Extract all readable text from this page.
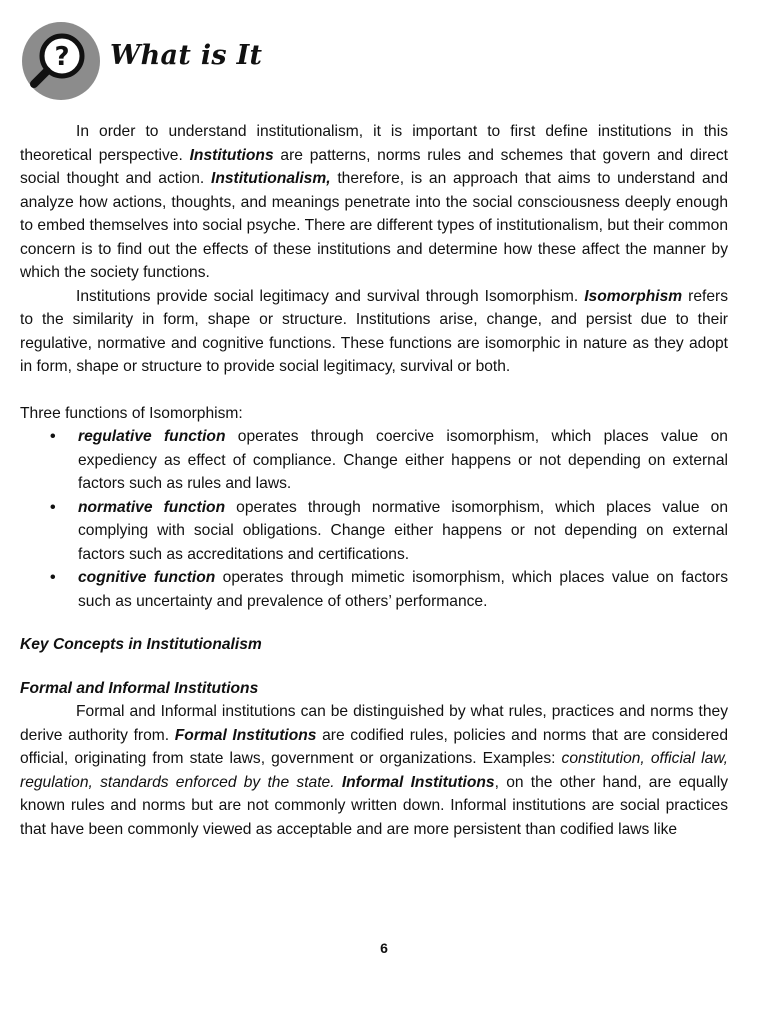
? What is It

In order to understand institutionalism, it is important to first define institutions in this theoretical perspective. Institutions are patterns, norms rules and schemes that govern and direct social thought and action. Institutionalism, therefore, is an approach that aims to understand and analyze how actions, thoughts, and meanings penetrate into the social consciousness deeply enough to embed themselves into social psyche. There are different types of institutionalism, but their common concern is to find out the effects of these institutions and determine how these affect the manner by which the society functions.

Institutions provide social legitimacy and survival through Isomorphism. Isomorphism refers to the similarity in form, shape or structure. Institutions arise, change, and persist due to their regulative, normative and cognitive functions. These functions are isomorphic in nature as they adopt in form, shape or structure to provide social legitimacy, survival or both.

Three functions of Isomorphism:

• regulative function operates through coercive isomorphism, which places value on expediency as effect of compliance. Change either happens or not depending on external factors such as rules and laws.
• normative function operates through normative isomorphism, which places value on complying with social obligations. Change either happens or not depending on external factors such as accreditations and certifications.
• cognitive function operates through mimetic isomorphism, which places value on factors such as uncertainty and prevalence of others’ performance.

Key Concepts in Institutionalism

Formal and Informal Institutions

Formal and Informal institutions can be distinguished by what rules, practices and norms they derive authority from. Formal Institutions are codified rules, policies and norms that are considered official, originating from state laws, government or organizations. Examples: constitution, official law, regulation, standards enforced by the state. Informal Institutions, on the other hand, are equally known rules and norms but are not commonly written down. Informal institutions are social practices that have been commonly viewed as acceptable and are more persistent than codified laws like

6
